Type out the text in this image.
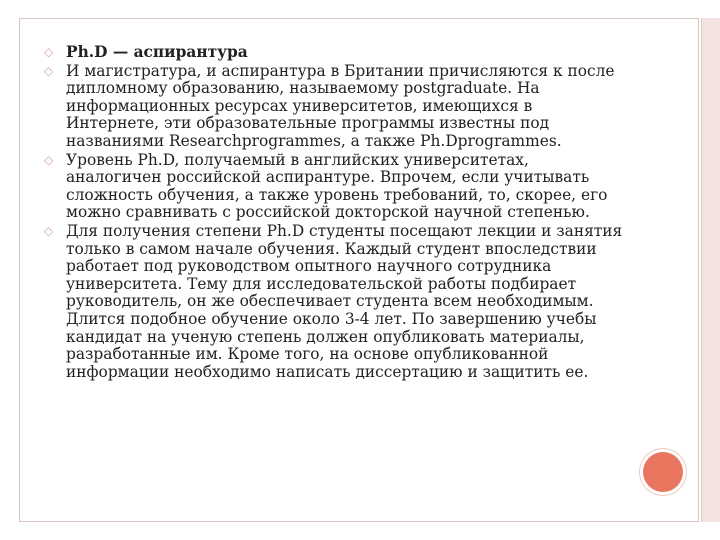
◇ Ph.D — аспирантура
◇ И магистратура, и аспирантура в Британии причисляются к после дипломному образованию, называемому postgraduate. На информационных ресурсах университетов, имеющихся в Интернете, эти образовательные программы известны под названиями Researchprogrammes, а также Ph.Dprogrammes.
◇ Уровень Ph.D, получаемый в английских университетах, аналогичен российской аспирантуре. Впрочем, если учитывать сложность обучения, а также уровень требований, то, скорее, его можно сравнивать с российской докторской научной степенью.
◇ Для получения степени Ph.D студенты посещают лекции и занятия только в самом начале обучения. Каждый студент впоследствии работает под руководством опытного научного сотрудника университета. Тему для исследовательской работы подбирает руководитель, он же обеспечивает студента всем необходимым. Длится подобное обучение около 3-4 лет. По завершению учебы кандидат на ученую степень должен опубликовать материалы, разработанные им. Кроме того, на основе опубликованной информации необходимо написать диссертацию и защитить ее.
